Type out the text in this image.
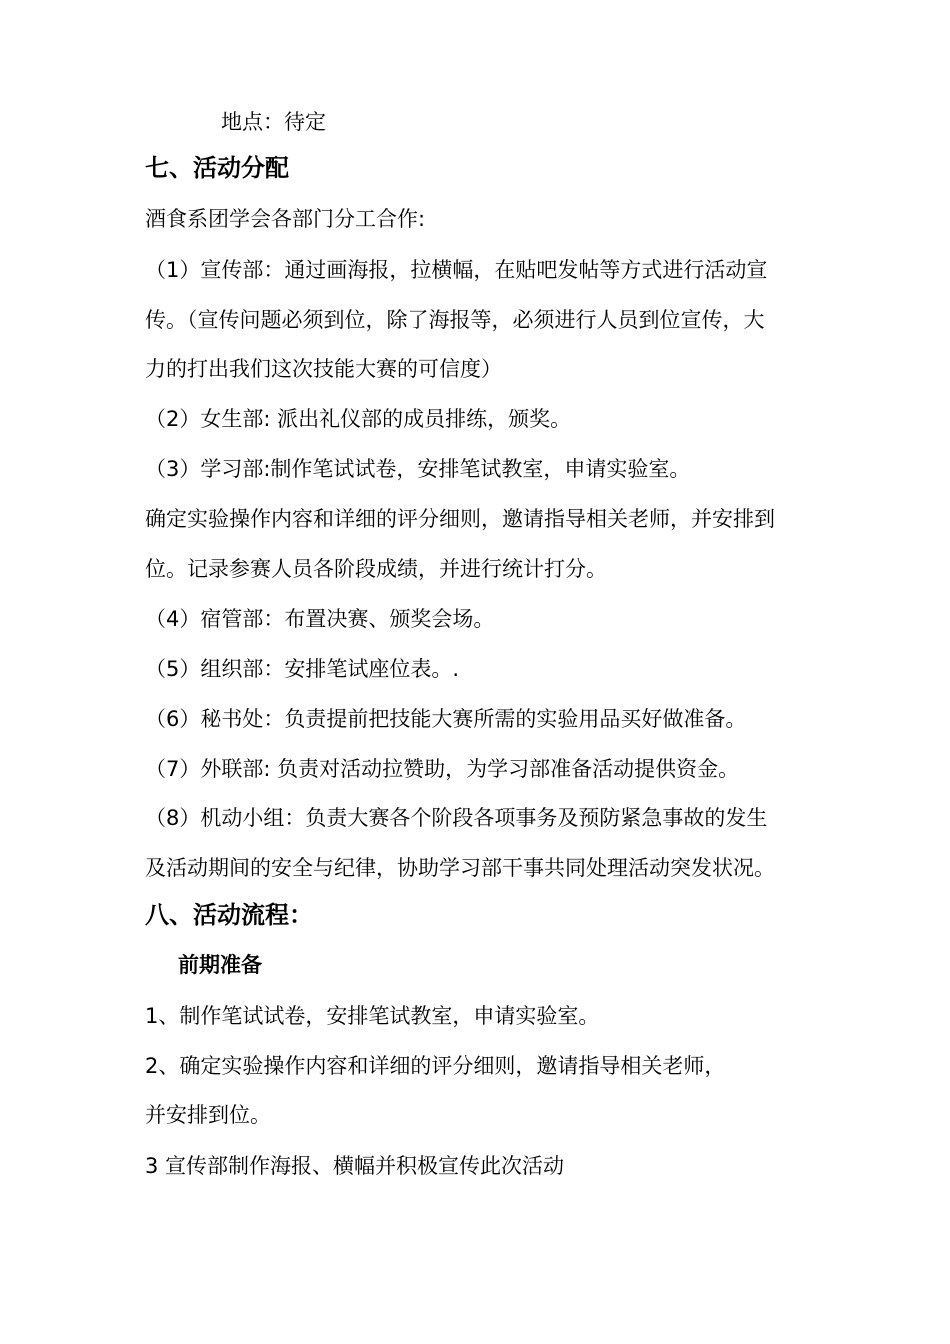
地点：待定
七、活动分配
酒食系团学会各部门分工合作:
（1）宣传部：通过画海报，拉横幅，在贴吧发帖等方式进行活动宣
传。（宣传问题必须到位，除了海报等，必须进行人员到位宣传，大
力的打出我们这次技能大赛的可信度）
（2）女生部: 派出礼仪部的成员排练，颁奖。
（3）学习部:制作笔试试卷，安排笔试教室，申请实验室。
确定实验操作内容和详细的评分细则，邀请指导相关老师，并安排到
位。记录参赛人员各阶段成绩，并进行统计打分。
（4）宿管部：布置决赛、颁奖会场。
（5）组织部：安排笔试座位表。.
（6）秘书处：负责提前把技能大赛所需的实验用品买好做准备。
（7）外联部: 负责对活动拉赞助，为学习部准备活动提供资金。
（8）机动小组：负责大赛各个阶段各项事务及预防紧急事故的发生
及活动期间的安全与纪律，协助学习部干事共同处理活动突发状况。
八、活动流程：
前期准备
1、制作笔试试卷，安排笔试教室，申请实验室。
2、确定实验操作内容和详细的评分细则，邀请指导相关老师，
并安排到位。
3 宣传部制作海报、横幅并积极宣传此次活动
